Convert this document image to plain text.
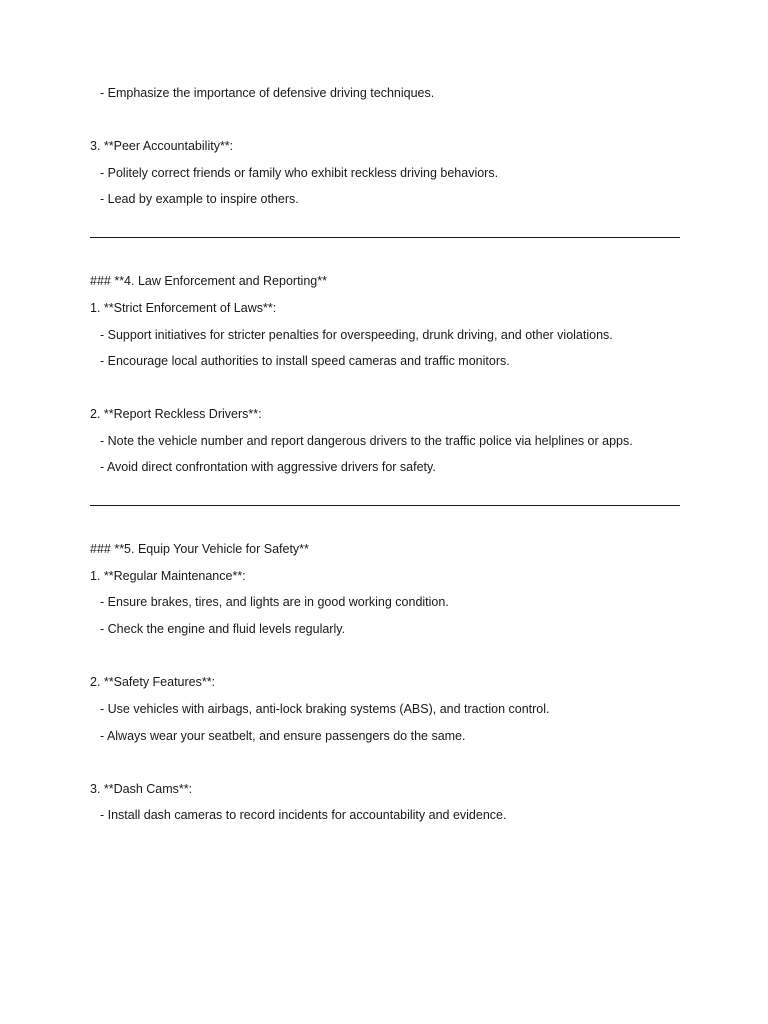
- Emphasize the importance of defensive driving techniques.
3. **Peer Accountability**:
- Politely correct friends or family who exhibit reckless driving behaviors.
- Lead by example to inspire others.
### **4. Law Enforcement and Reporting**
1. **Strict Enforcement of Laws**:
- Support initiatives for stricter penalties for overspeeding, drunk driving, and other violations.
- Encourage local authorities to install speed cameras and traffic monitors.
2. **Report Reckless Drivers**:
- Note the vehicle number and report dangerous drivers to the traffic police via helplines or apps.
- Avoid direct confrontation with aggressive drivers for safety.
### **5. Equip Your Vehicle for Safety**
1. **Regular Maintenance**:
- Ensure brakes, tires, and lights are in good working condition.
- Check the engine and fluid levels regularly.
2. **Safety Features**:
- Use vehicles with airbags, anti-lock braking systems (ABS), and traction control.
- Always wear your seatbelt, and ensure passengers do the same.
3. **Dash Cams**:
- Install dash cameras to record incidents for accountability and evidence.
